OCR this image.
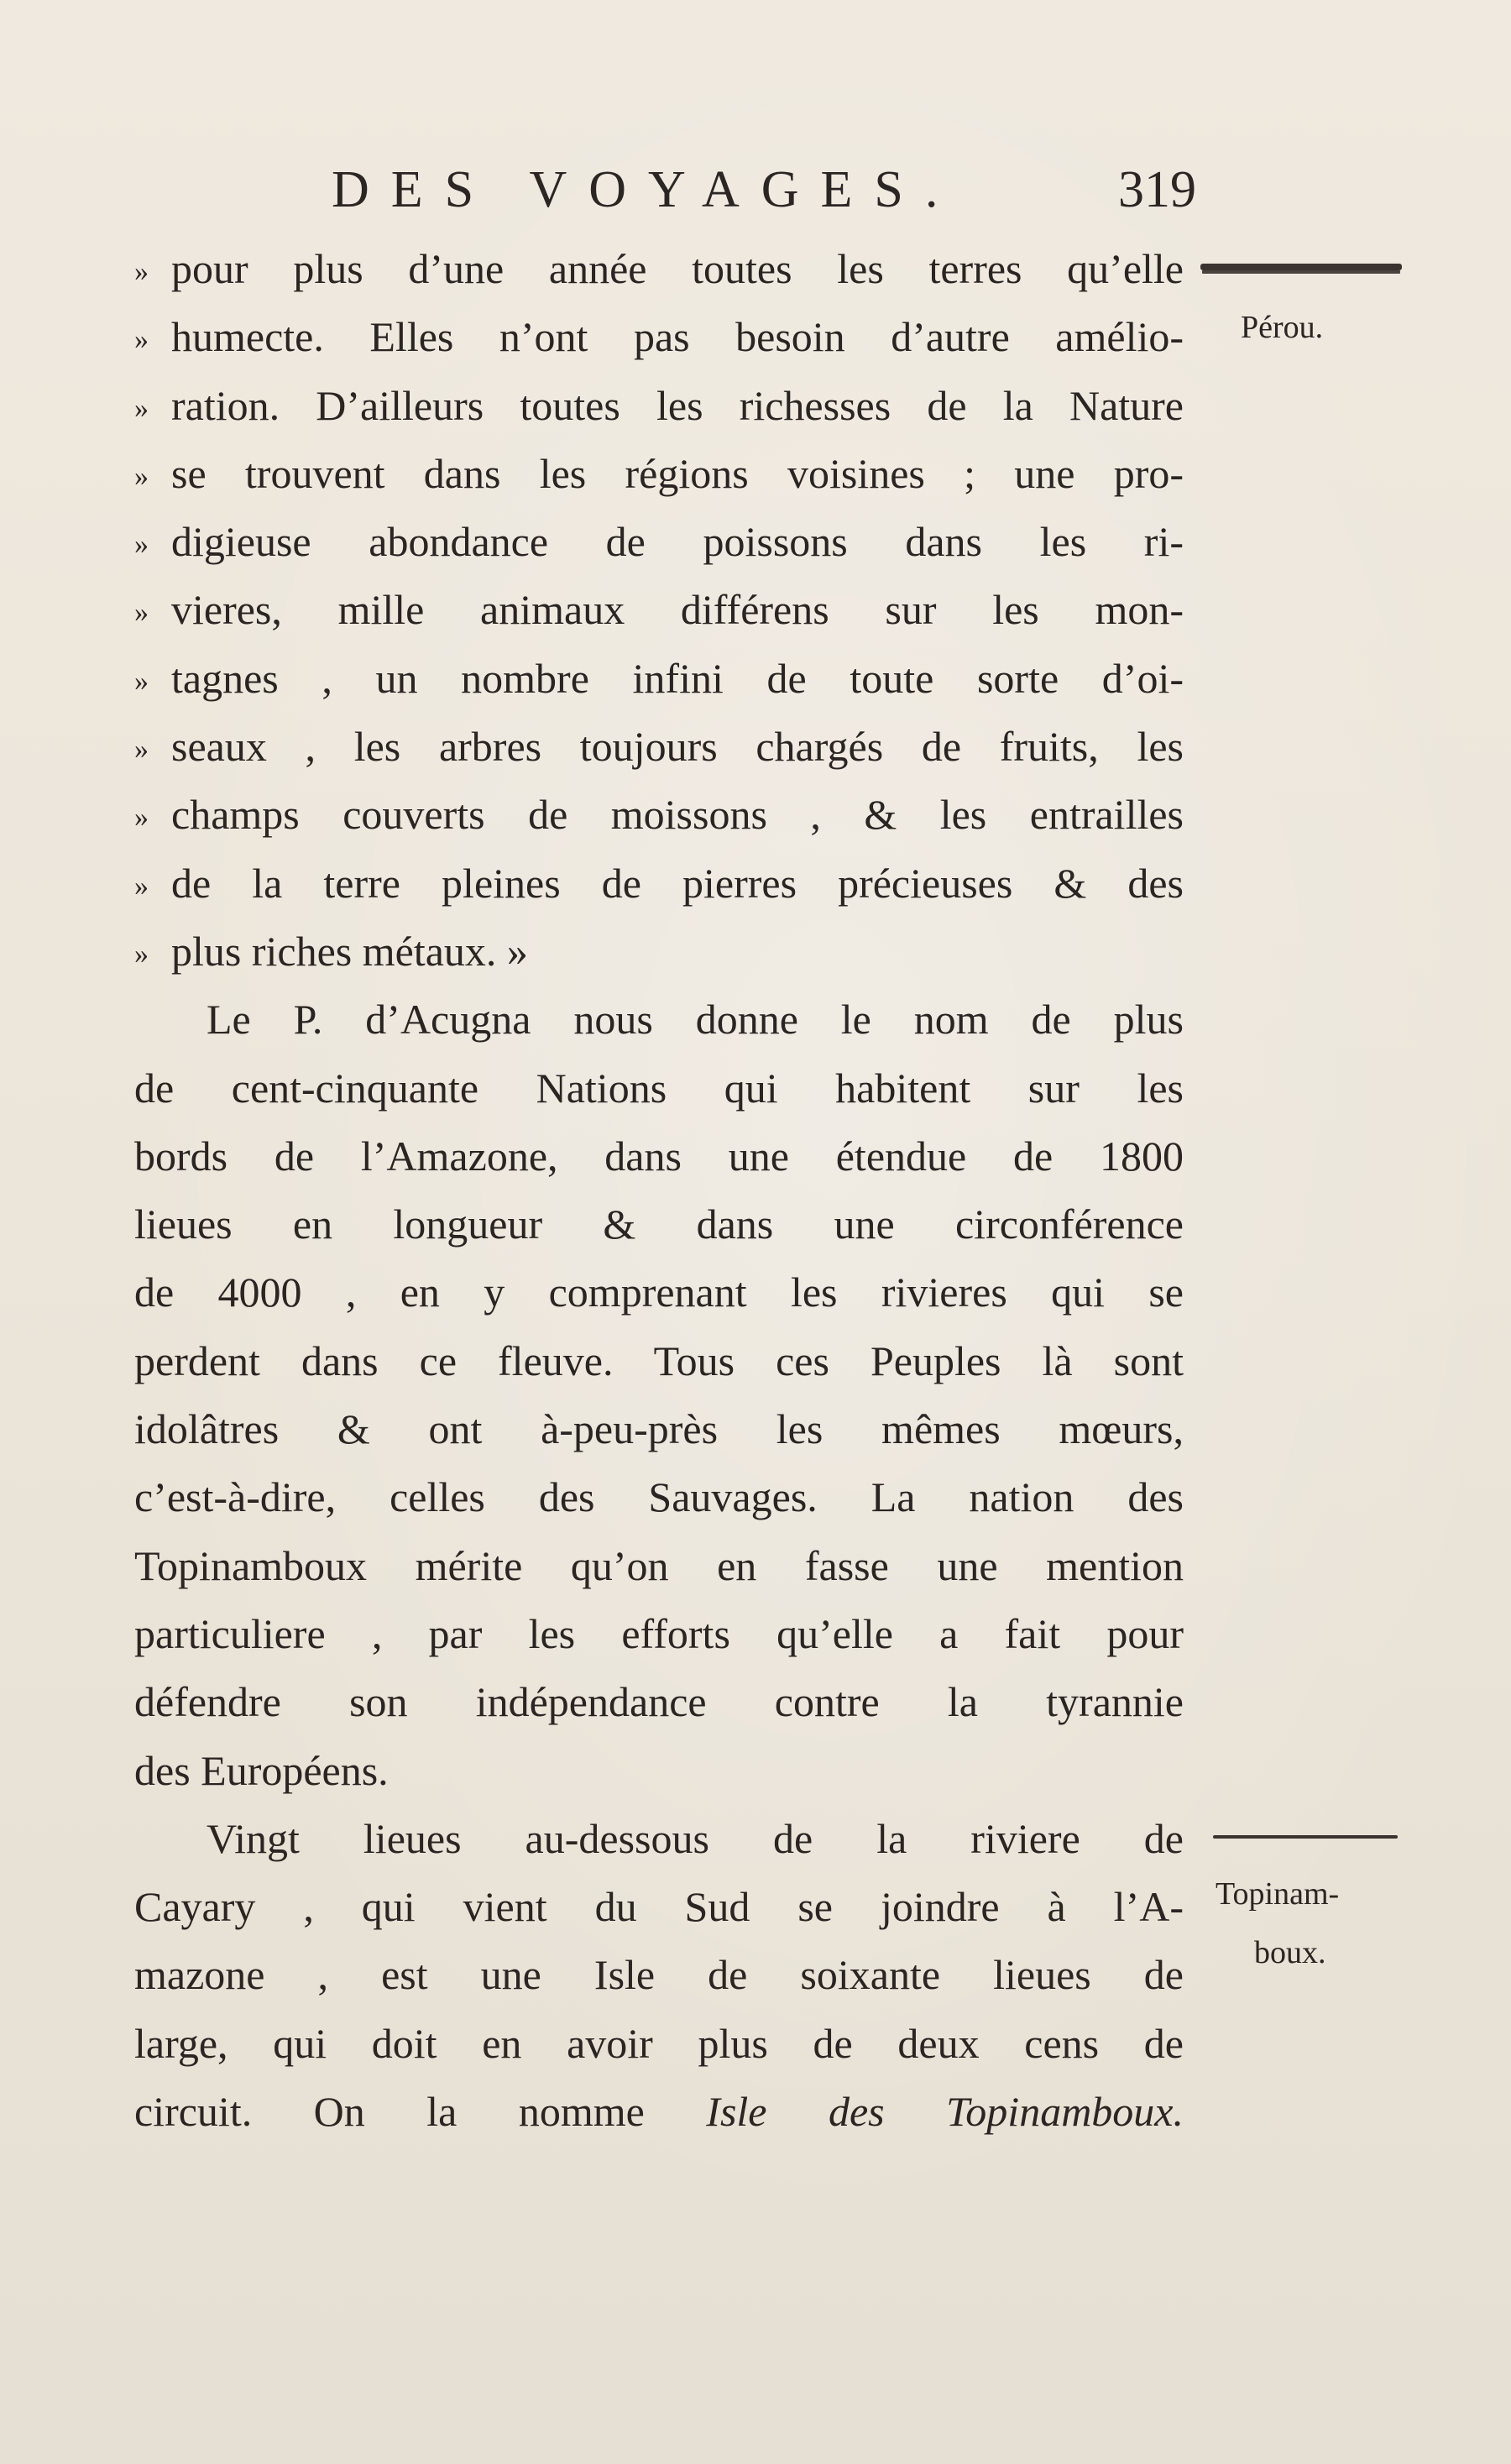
DES VOYAGES.	319
» pour plus d’une année toutes les terres qu’elle
» humecte. Elles n’ont pas besoin d’autre amélio-
» ration. D’ailleurs toutes les richesses de la Nature
» se trouvent dans les régions voisines ; une pro-
» digieuse abondance de poissons dans les ri-
» vieres, mille animaux différens sur les mon-
» tagnes , un nombre infini de toute sorte d’oi-
» seaux , les arbres toujours chargés de fruits, les
» champs couverts de moissons , & les entrailles
» de la terre pleines de pierres précieuses & des
» plus riches métaux. »
Le P. d’Acugna nous donne le nom de plus
de cent-cinquante Nations qui habitent sur les
bords de l’Amazone, dans une étendue de 1800
lieues en longueur & dans une circonférence
de 4000 , en y comprenant les rivieres qui se
perdent dans ce fleuve. Tous ces Peuples là sont
idolâtres & ont à-peu-près les mêmes mœurs,
c’est-à-dire, celles des Sauvages. La nation des
Topinamboux mérite qu’on en fasse une mention
particuliere , par les efforts qu’elle a fait pour
défendre son indépendance contre la tyrannie
des Européens.
Vingt lieues au-dessous de la riviere de
Cayary , qui vient du Sud se joindre à l’A-
mazone , est une Isle de soixante lieues de
large, qui doit en avoir plus de deux cens de
circuit. On la nomme Isle des Topinamboux.
Pérou.
Topinam-
boux.
